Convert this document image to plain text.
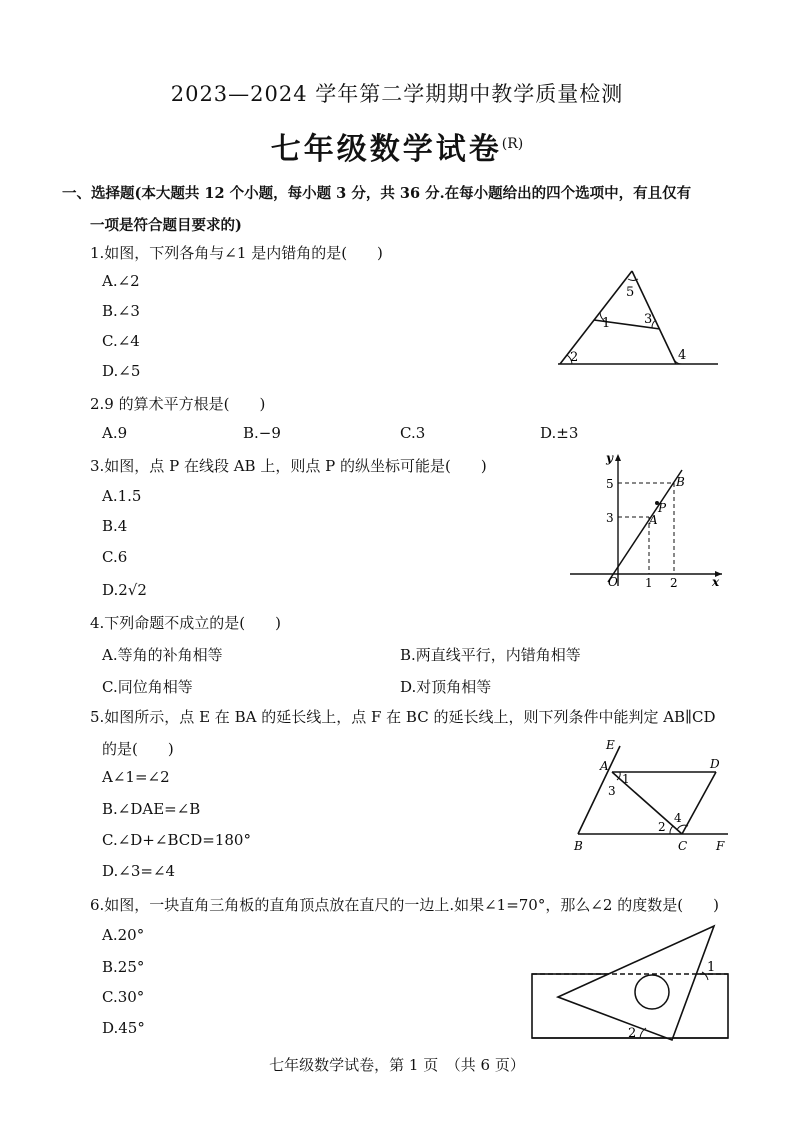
2023—2024 学年第二学期期中教学质量检测
七年级数学试卷$^{(R)}$
一、选择题(本大题共 12 个小题，每小题 3 分，共 36 分.在每小题给出的四个选项中，有且仅有
一项是符合题目要求的)
1.如图，下列各角与∠1 是内错角的是(　　)
A.∠2
B.∠3
C.∠4
D.∠5
1
2
3
4
5
2.9 的算术平方根是(　　)
A.9	B.−9	C.3	D.±3
3.如图，点 P 在线段 AB 上，则点 P 的纵坐标可能是(　　)
A.1.5
B.4
C.6
D.2√2
y
x
O
5
3
1 2
A
B
P
4.下列命题不成立的是(　　)
A.等角的补角相等	B.两直线平行，内错角相等
C.同位角相等	D.对顶角相等
5.如图所示，点 E 在 BA 的延长线上，点 F 在 BC 的延长线上，则下列条件中能判定 AB∥CD
的是(　　)
A∠1=∠2
B.∠DAE=∠B
C.∠D+∠BCD=180°
D.∠3=∠4
E
A	D
B	C F
1
2
3
4
6.如图，一块直角三角板的直角顶点放在直尺的一边上.如果∠1=70°，那么∠2 的度数是(　　)
A.20°
B.25°
C.30°
D.45°
1
2
七年级数学试卷，第 1 页　（共 6 页）
